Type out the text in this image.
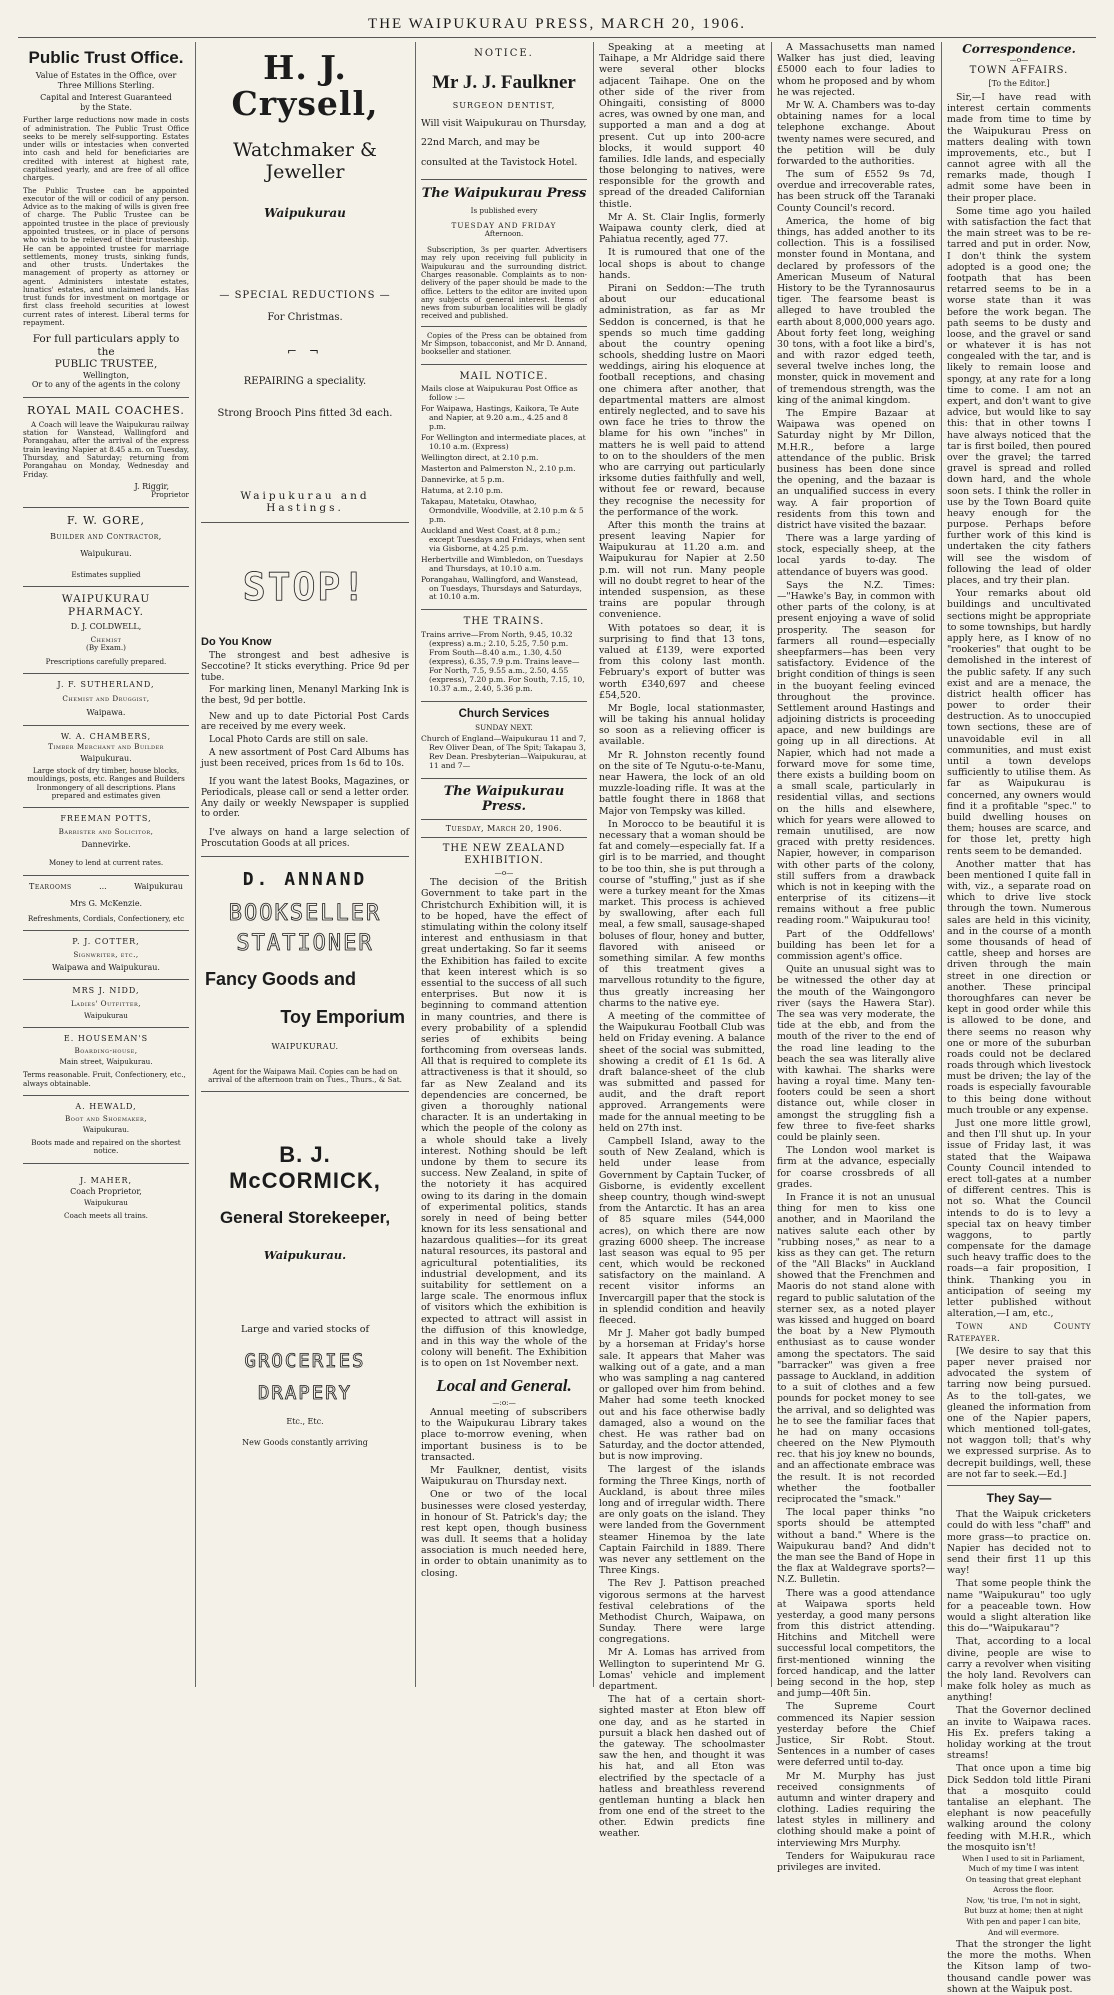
THE WAIPUKURAU PRESS, MARCH 20, 1906.
Public Trust Office.
Value of Estates in the Office, over
Three Millions Sterling.
Capital and Interest Guaranteed
by the State.

Further large reductions now made in costs of administration. The Public Trust Office seeks to be merely self-supporting. Estates under wills or intestacies when converted into cash and held for beneficiaries are credited with interest at highest rate, capitalised yearly, and are free of all office charges.

The Public Trustee can be appointed executor of the will or codicil of any person. Advice as to the making of wills is given free of charge. The Public Trustee can be appointed trustee in the place of previously appointed trustees, or in place of persons who wish to be relieved of their trusteeship. He can be appointed trustee for marriage settlements, money trusts, sinking funds, and other trusts. Undertakes the management of property as attorney or agent. Administers intestate estates, lunatics' estates, and unclaimed lands. Has trust funds for investment on mortgage or first class freehold securities at lowest current rates of interest. Liberal terms for repayment.

For full particulars apply to the
PUBLIC TRUSTEE,
Wellington,
Or to any of the agents in the colony
ROYAL MAIL COACHES.

A Coach will leave the Waipukurau railway station for Wanstead, Wallingford and Porangahau, after the arrival of the express train leaving Napier at 8.45 a.m. on Tuesday, Thursday, and Saturday; returning from Porangahau on Monday, Wednesday and Friday.

J. Riggir,
Proprietor
F. W. GORE,
Builder and Contractor,
Waipukurau.
Estimates supplied
WAIPUKURAU PHARMACY.
D. J. COLDWELL,
Chemist
(By Exam.)
Prescriptions carefully prepared.
J. F. SUTHERLAND,
Chemist and Druggist,
Waipawa.
W. A. CHAMBERS,
Timber Merchant and Builder
Waipukurau.

Large stock of dry timber, house blocks, mouldings, posts, etc. Ranges and Builders Ironmongery of all descriptions. Plans prepared and estimates given

FREEMAN POTTS,
Barrister and Solicitor,
Dannevirke.
Money to lend at current rates.
Tearooms	...	Waipukurau
Mrs G. McKenzie.
Refreshments, Cordials, Confectionery, etc
P. J. COTTER,
Signwriter, etc.,
Waipawa and Waipukurau.
MRS J. NIDD,
Ladies' Outfitter,
Waipukurau
E. HOUSEMAN'S
Boarding-house,
Main street, Waipukurau.

Terms reasonable. Fruit, Confectionery, etc., always obtainable.

A. HEWALD,
Boot and Shoemaker,
Waipukurau.

Boots made and repaired on the shortest notice.

J. MAHER,
Coach Proprietor,
Waipukurau
Coach meets all trains.
H. J. Crysell,
Watchmaker & Jeweller
Waipukurau
— SPECIAL REDUCTIONS —
For Christmas.
⌐ ¬
REPAIRING a speciality.
Strong Brooch Pins fitted 3d each.
Waipukurau and Hastings.
STOP!
Do You Know

The strongest and best adhesive is Seccotine? It sticks everything. Price 9d per tube.

For marking linen, Menanyl Marking Ink is the best, 9d per bottle.

New and up to date Pictorial Post Cards are received by me every week.

Local Photo Cards are still on sale.

A new assortment of Post Card Albums has just been received, prices from 1s 6d to 10s.

If you want the latest Books, Magazines, or Periodicals, please call or send a letter order. Any daily or weekly Newspaper is supplied to order.

I've always on hand a large selection of Proscutation Goods at all prices.

D. ANNAND
BOOKSELLER
STATIONER
Fancy Goods and
Toy Emporium
WAIPUKURAU.

Agent for the Waipawa Mail. Copies can be had on arrival of the afternoon train on Tues., Thurs., & Sat.

B. J. McCORMICK,
General Storekeeper,
Waipukurau.
Large and varied stocks of
GROCERIES
DRAPERY
Etc., Etc.
New Goods constantly arriving
NOTICE.
Mr J. J. Faulkner
SURGEON DENTIST,

Will visit Waipukurau on Thursday, 22nd March, and may be consulted at the Tavistock Hotel.

The Waipukurau Press
Is published every
TUESDAY AND FRIDAY
Afternoon.

Subscription, 3s per quarter. Advertisers may rely upon receiving full publicity in Waipukurau and the surrounding district. Charges reasonable. Complaints as to non-delivery of the paper should be made to the office. Letters to the editor are invited upon any subjects of general interest. Items of news from suburban localities will be gladly received and published.

Copies of the Press can be obtained from Mr Simpson, tobacconist, and Mr D. Annand, bookseller and stationer.

MAIL NOTICE.

Mails close at Waipukurau Post Office as follow :—

For Waipawa, Hastings, Kaikora, Te Aute and Napier, at 9.20 a.m., 4.25 and 8 p.m.

For Wellington and intermediate places, at 10.10 a.m. (Express)

Wellington direct, at 2.10 p.m.

Masterton and Palmerston N., 2.10 p.m.

Dannevirke, at 5 p.m.

Hatuma, at 2.10 p.m.

Takapau, Matetaku, Otawhao, Ormondville, Woodville, at 2.10 p.m & 5 p.m.

Auckland and West Coast, at 8 p.m.; except Tuesdays and Fridays, when sent via Gisborne, at 4.25 p.m.

Herbertville and Wimbledon, on Tuesdays and Thursdays, at 10.10 a.m.

Porangahau, Wallingford, and Wanstead, on Tuesdays, Thursdays and Saturdays, at 10.10 a.m.

THE TRAINS.

Trains arrive—From North, 9.45, 10.32 (express) a.m.; 2.10, 5.25, 7.50 p.m. From South—8.40 a.m., 1.30, 4.50 (express), 6.35, 7.9 p.m. Trains leave—For North, 7.5, 9.55 a.m., 2.50, 4.55 (express), 7.20 p.m. For South, 7.15, 10, 10.37 a.m., 2.40, 5.36 p.m.

Church Services
SUNDAY NEXT.

Church of England—Waipukurau 11 and 7, Rev Oliver Dean, of The Spit; Takapau 3, Rev Dean. Presbyterian—Waipukurau, at 11 and 7—

The Waipukurau Press.
Tuesday, March 20, 1906.
THE NEW ZEALAND EXHIBITION.
—o—

The decision of the British Government to take part in the Christchurch Exhibition will, it is to be hoped, have the effect of stimulating within the colony itself interest and enthusiasm in that great undertaking. So far it seems the Exhibition has failed to excite that keen interest which is so essential to the success of all such enterprises. But now it is beginning to command attention in many countries, and there is every probability of a splendid series of exhibits being forthcoming from overseas lands. All that is required to complete its attractiveness is that it should, so far as New Zealand and its dependencies are concerned, be given a thoroughly national character. It is an undertaking in which the people of the colony as a whole should take a lively interest. Nothing should be left undone by them to secure its success. New Zealand, in spite of the notoriety it has acquired owing to its daring in the domain of experimental politics, stands sorely in need of being better known for its less sensational and hazardous qualities—for its great natural resources, its pastoral and agricultural potentialities, its industrial development, and its suitability for settlement on a large scale. The enormous influx of visitors which the exhibition is expected to attract will assist in the diffusion of this knowledge, and in this way the whole of the colony will benefit. The Exhibition is to open on 1st November next.

Local and General.
—:o:—

Annual meeting of subscribers to the Waipukurau Library takes place to-morrow evening, when important business is to be transacted.

Mr Faulkner, dentist, visits Waipukurau on Thursday next.

One or two of the local businesses were closed yesterday, in honour of St. Patrick's day; the rest kept open, though business was dull. It seems that a holiday association is much needed here, in order to obtain unanimity as to closing.

Speaking at a meeting at Taihape, a Mr Aldridge said there were several other blocks adjacent Taihape. One on the other side of the river from Ohingaiti, consisting of 8000 acres, was owned by one man, and supported a man and a dog at present. Cut up into 200-acre blocks, it would support 40 families. Idle lands, and especially those belonging to natives, were responsible for the growth and spread of the dreaded Californian thistle.

Mr A. St. Clair Inglis, formerly Waipawa county clerk, died at Pahiatua recently, aged 77.

It is rumoured that one of the local shops is about to change hands.

Pirani on Seddon:—The truth about our educational administration, as far as Mr Seddon is concerned, is that he spends so much time gadding about the country opening schools, shedding lustre on Maori weddings, airing his eloquence at football receptions, and chasing one chimera after another, that departmental matters are almost entirely neglected, and to save his own face he tries to throw the blame for his own "inches" in matters he is well paid to attend to on to the shoulders of the men who are carrying out particularly irksome duties faithfully and well, without fee or reward, because they recognise the necessity for the performance of the work.

After this month the trains at present leaving Napier for Waipukurau at 11.20 a.m. and Waipukurau for Napier at 2.50 p.m. will not run. Many people will no doubt regret to hear of the intended suspension, as these trains are popular through convenience.

With potatoes so dear, it is surprising to find that 13 tons, valued at £139, were exported from this colony last month. February's export of butter was worth £340,697 and cheese £54,520.

Mr Bogle, local stationmaster, will be taking his annual holiday so soon as a relieving officer is available.

Mr R. Johnston recently found on the site of Te Ngutu-o-te-Manu, near Hawera, the lock of an old muzzle-loading rifle. It was at the battle fought there in 1868 that Major von Tempsky was killed.

In Morocco to be beautiful it is necessary that a woman should be fat and comely—especially fat. If a girl is to be married, and thought to be too thin, she is put through a course of "stuffing," just as if she were a turkey meant for the Xmas market. This process is achieved by swallowing, after each full meal, a few small, sausage-shaped boluses of flour, honey and butter, flavored with aniseed or something similar. A few months of this treatment gives a marvellous rotundity to the figure, thus greatly increasing her charms to the native eye.

A meeting of the committee of the Waipukurau Football Club was held on Friday evening. A balance sheet of the social was submitted, showing a credit of £1 1s 6d. A draft balance-sheet of the club was submitted and passed for audit, and the draft report approved. Arrangements were made for the annual meeting to be held on 27th inst.

Campbell Island, away to the south of New Zealand, which is held under lease from Government by Captain Tucker, of Gisborne, is evidently excellent sheep country, though wind-swept from the Antarctic. It has an area of 85 square miles (544,000 acres), on which there are now grazing 6000 sheep. The increase last season was equal to 95 per cent, which would be reckoned satisfactory on the mainland. A recent visitor informs an Invercargill paper that the stock is in splendid condition and heavily fleeced.

Mr J. Maher got badly bumped by a horseman at Friday's horse sale. It appears that Maher was walking out of a gate, and a man who was sampling a nag cantered or galloped over him from behind. Maher had some teeth knocked out and his face otherwise badly damaged, also a wound on the chest. He was rather bad on Saturday, and the doctor attended, but is now improving.

The largest of the islands forming the Three Kings, north of Auckland, is about three miles long and of irregular width. There are only goats on the island. They were landed from the Government steamer Hinemoa by the late Captain Fairchild in 1889. There was never any settlement on the Three Kings.

The Rev J. Pattison preached vigorous sermons at the harvest festival celebrations of the Methodist Church, Waipawa, on Sunday. There were large congregations.

Mr A. Lomas has arrived from Wellington to superintend Mr G. Lomas' vehicle and implement department.

The hat of a certain short-sighted master at Eton blew off one day, and as he started in pursuit a black hen dashed out of the gateway. The schoolmaster saw the hen, and thought it was his hat, and all Eton was electrified by the spectacle of a hatless and breathless reverend gentleman hunting a black hen from one end of the street to the other. Edwin predicts fine weather.

A Massachusetts man named Walker has just died, leaving £5000 each to four ladies to whom he proposed and by whom he was rejected.

Mr W. A. Chambers was to-day obtaining names for a local telephone exchange. About twenty names were secured, and the petition will be duly forwarded to the authorities.

The sum of £552 9s 7d, overdue and irrecoverable rates, has been struck off the Taranaki County Council's record.

America, the home of big things, has added another to its collection. This is a fossilised monster found in Montana, and declared by professors of the American Museum of Natural History to be the Tyrannosaurus tiger. The fearsome beast is alleged to have troubled the earth about 8,000,000 years ago. About forty feet long, weighing 30 tons, with a foot like a bird's, and with razor edged teeth, several twelve inches long, the monster, quick in movement and of tremendous strength, was the king of the animal kingdom.

The Empire Bazaar at Waipawa was opened on Saturday night by Mr Dillon, M.H.R., before a large attendance of the public. Brisk business has been done since the opening, and the bazaar is an unqualified success in every way. A fair proportion of residents from this town and district have visited the bazaar.

There was a large yarding of stock, especially sheep, at the local yards to-day. The attendance of buyers was good.

Says the N.Z. Times:—"Hawke's Bay, in common with other parts of the colony, is at present enjoying a wave of solid prosperity. The season for farmers all round—especially sheepfarmers—has been very satisfactory. Evidence of the bright condition of things is seen in the buoyant feeling evinced throughout the province. Settlement around Hastings and adjoining districts is proceeding apace, and new buildings are going up in all directions. At Napier, which had not made a forward move for some time, there exists a building boom on a small scale, particularly in residential villas, and sections on the hills and elsewhere, which for years were allowed to remain unutilised, are now graced with pretty residences. Napier, however, in comparison with other parts of the colony, still suffers from a drawback which is not in keeping with the enterprise of its citizens—it remains without a free public reading room." Waipukurau too!

Part of the Oddfellows' building has been let for a commission agent's office.

Quite an unusual sight was to be witnessed the other day at the mouth of the Waingongoro river (says the Hawera Star). The sea was very moderate, the tide at the ebb, and from the mouth of the river to the end of the road line leading to the beach the sea was literally alive with kawhai. The sharks were having a royal time. Many ten-footers could be seen a short distance out, while closer in amongst the struggling fish a few three to five-feet sharks could be plainly seen.

The London wool market is firm at the advance, especially for coarse crossbreds of all grades.

In France it is not an unusual thing for men to kiss one another, and in Maoriland the natives salute each other by "rubbing noses," as near to a kiss as they can get. The return of the "All Blacks" in Auckland showed that the Frenchmen and Maoris do not stand alone with regard to public salutation of the sterner sex, as a noted player was kissed and hugged on board the boat by a New Plymouth enthusiast as to cause wonder among the spectators. The said "barracker" was given a free passage to Auckland, in addition to a suit of clothes and a few pounds for pocket money to see the arrival, and so delighted was he to see the familiar faces that he had on many occasions cheered on the New Plymouth rec. that his joy knew no bounds, and an affectionate embrace was the result. It is not recorded whether the footballer reciprocated the "smack."

The local paper thinks "no sports should be attempted without a band." Where is the Waipukurau band? And didn't the man see the Band of Hope in the flax at Waldegrave sports?—N.Z. Bulletin.

There was a good attendance at Waipawa sports held yesterday, a good many persons from this district attending. Hitchins and Mitchell were successful local competitors, the first-mentioned winning the forced handicap, and the latter being second in the hop, step and jump—40ft 5in.

The Supreme Court commenced its Napier session yesterday before the Chief Justice, Sir Robt. Stout. Sentences in a number of cases were deferred until to-day.

Mr M. Murphy has just received consignments of autumn and winter drapery and clothing. Ladies requiring the latest styles in millinery and clothing should make a point of interviewing Mrs Murphy.

Tenders for Waipukurau race privileges are invited.

Correspondence.
—o—
TOWN AFFAIRS.
[To the Editor.]

Sir,—I have read with interest certain comments made from time to time by the Waipukurau Press on matters dealing with town improvements, etc., but I cannot agree with all the remarks made, though I admit some have been in their proper place.

Some time ago you hailed with satisfaction the fact that the main street was to be re-tarred and put in order. Now, I don't think the system adopted is a good one; the footpath that has been retarred seems to be in a worse state than it was before the work began. The path seems to be dusty and loose, and the gravel or sand or whatever it is has not congealed with the tar, and is likely to remain loose and spongy, at any rate for a long time to come. I am not an expert, and don't want to give advice, but would like to say this: that in other towns I have always noticed that the tar is first boiled, then poured over the gravel; the tarred gravel is spread and rolled down hard, and the whole soon sets. I think the roller in use by the Town Board quite heavy enough for the purpose. Perhaps before further work of this kind is undertaken the city fathers will see the wisdom of following the lead of older places, and try their plan.

Your remarks about old buildings and uncultivated sections might be appropriate to some townships, but hardly apply here, as I know of no "rookeries" that ought to be demolished in the interest of the public safety. If any such exist and are a menace, the district health officer has power to order their destruction. As to unoccupied town sections, these are of unavoidable evil in all communities, and must exist until a town develops sufficiently to utilise them. As far as Waipukurau is concerned, any owners would find it a profitable "spec." to build dwelling houses on them; houses are scarce, and for those let, pretty high rents seem to be demanded.

Another matter that has been mentioned I quite fall in with, viz., a separate road on which to drive live stock through the town. Numerous sales are held in this vicinity, and in the course of a month some thousands of head of cattle, sheep and horses are driven through the main street in one direction or another. These principal thoroughfares can never be kept in good order while this is allowed to be done, and there seems no reason why one or more of the suburban roads could not be declared roads through which livestock must be driven; the lay of the roads is especially favourable to this being done without much trouble or any expense.

Just one more little growl, and then I'll shut up. In your issue of Friday last, it was stated that the Waipawa County Council intended to erect toll-gates at a number of different centres. This is not so. What the Council intends to do is to levy a special tax on heavy timber waggons, to partly compensate for the damage such heavy traffic does to the roads—a fair proposition, I think. Thanking you in anticipation of seeing my letter published without alteration,—I am, etc.,

Town and County Ratepayer.

[We desire to say that this paper never praised nor advocated the system of tarring now being pursued. As to the toll-gates, we gleaned the information from one of the Napier papers, which mentioned toll-gates, not waggon toll; that's why we expressed surprise. As to decrepit buildings, well, these are not far to seek.—Ed.]

They Say—

That the Waipuk cricketers could do with less "chaff" and more grass—to practice on. Napier has decided not to send their first 11 up this way!

That some people think the name "Waipukurau" too ugly for a peaceable town. How would a slight alteration like this do—"Waipukarau"?

That, according to a local divine, people are wise to carry a revolver when visiting the holy land. Revolvers can make folk holey as much as anything!

That the Governor declined an invite to Waipawa races. His Ex. prefers taking a holiday working at the trout streams!

That once upon a time big Dick Seddon told little Pirani that a mosquito could tantalise an elephant. The elephant is now peacefully walking around the colony feeding with M.H.R., which the mosquito isn't!

When I used to sit in Parliament,

Much of my time I was intent

On teasing that great elephant

Across the floor.

Now, 'tis true, I'm not in sight,

But buzz at home; then at night

With pen and paper I can bite,

And will evermore.

That the stronger the light the more the moths. When the Kitson lamp of two-thousand candle power was shown at the Waipuk post.
